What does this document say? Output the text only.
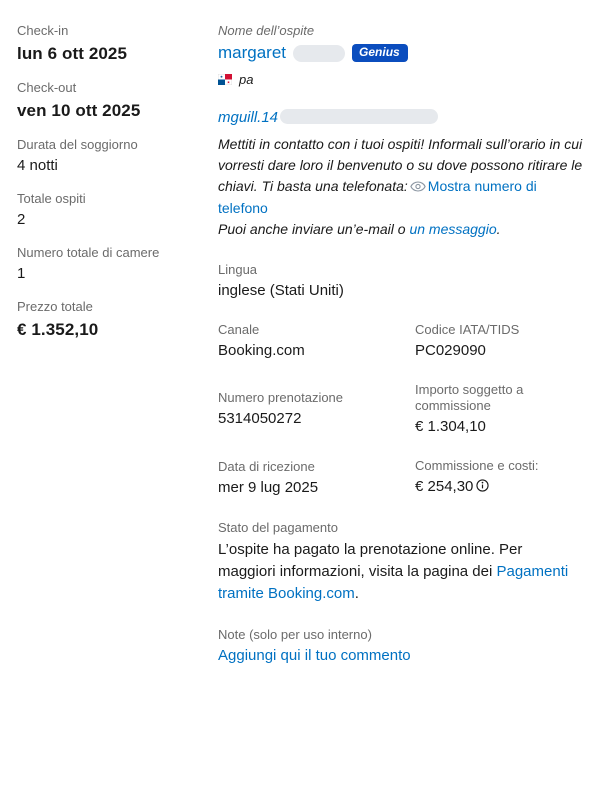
Check-in
lun 6 ott 2025
Check-out
ven 10 ott 2025
Durata del soggiorno
4 notti
Totale ospiti
2
Numero totale di camere
1
Prezzo totale
€ 1.352,10
Nome dell’ospite
margaret	Genius
pa
mguill.14

Mettiti in contatto con i tuoi ospiti! Informali sull’orario in cui vorresti dare loro il benvenuto o su dove possono ritirare le chiavi. Ti basta una telefonata: Mostra numero di telefono

Puoi anche inviare un’e-mail o un messaggio.

Lingua
inglese (Stati Uniti)
Canale
Booking.com
Codice IATA/TIDS
PC029090
Numero prenotazione
5314050272
Importo soggetto a commissione
€ 1.304,10
Data di ricezione
mer 9 lug 2025
Commissione e costi:
€ 254,30
Stato del pagamento

L’ospite ha pagato la prenotazione online. Per maggiori informazioni, visita la pagina dei Pagamenti tramite Booking.com.

Note (solo per uso interno)
Aggiungi qui il tuo commento
